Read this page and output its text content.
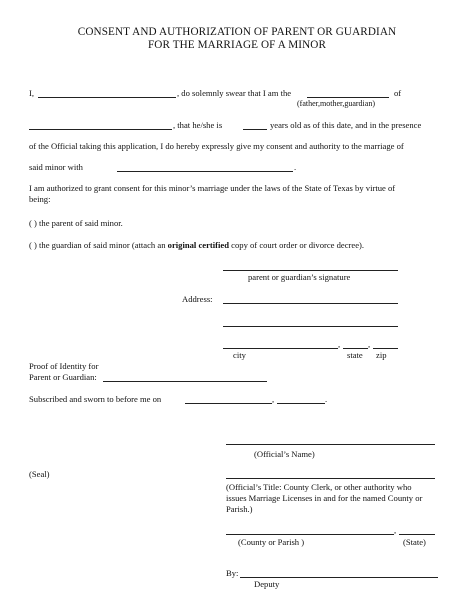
CONSENT AND AUTHORIZATION OF PARENT OR GUARDIAN
FOR THE MARRIAGE OF A MINOR
I,	, do solemnly swear that I am the	of
(father,mother,guardian)
, that he/she is	years old as of this date, and in the presence
of the Official taking this application, I do hereby expressly give my consent and authority to the marriage of
said minor with	.
I am authorized to grant consent for this minor’s marriage under the laws of the State of Texas by virtue of
being:
( ) the parent of said minor.
( ) the guardian of said minor (attach an original certified copy of court order or divorce decree).
parent or guardian’s signature
Address:
,	,
city	state zip
Proof of Identity for
Parent or Guardian:
Subscribed and sworn to before me on	,	.
(Official’s Name)
(Seal)
(Official’s Title: County Clerk, or other authority who
issues Marriage Licenses in and for the named County or
Parish.)
,
(County or Parish )	(State)
By:
Deputy
